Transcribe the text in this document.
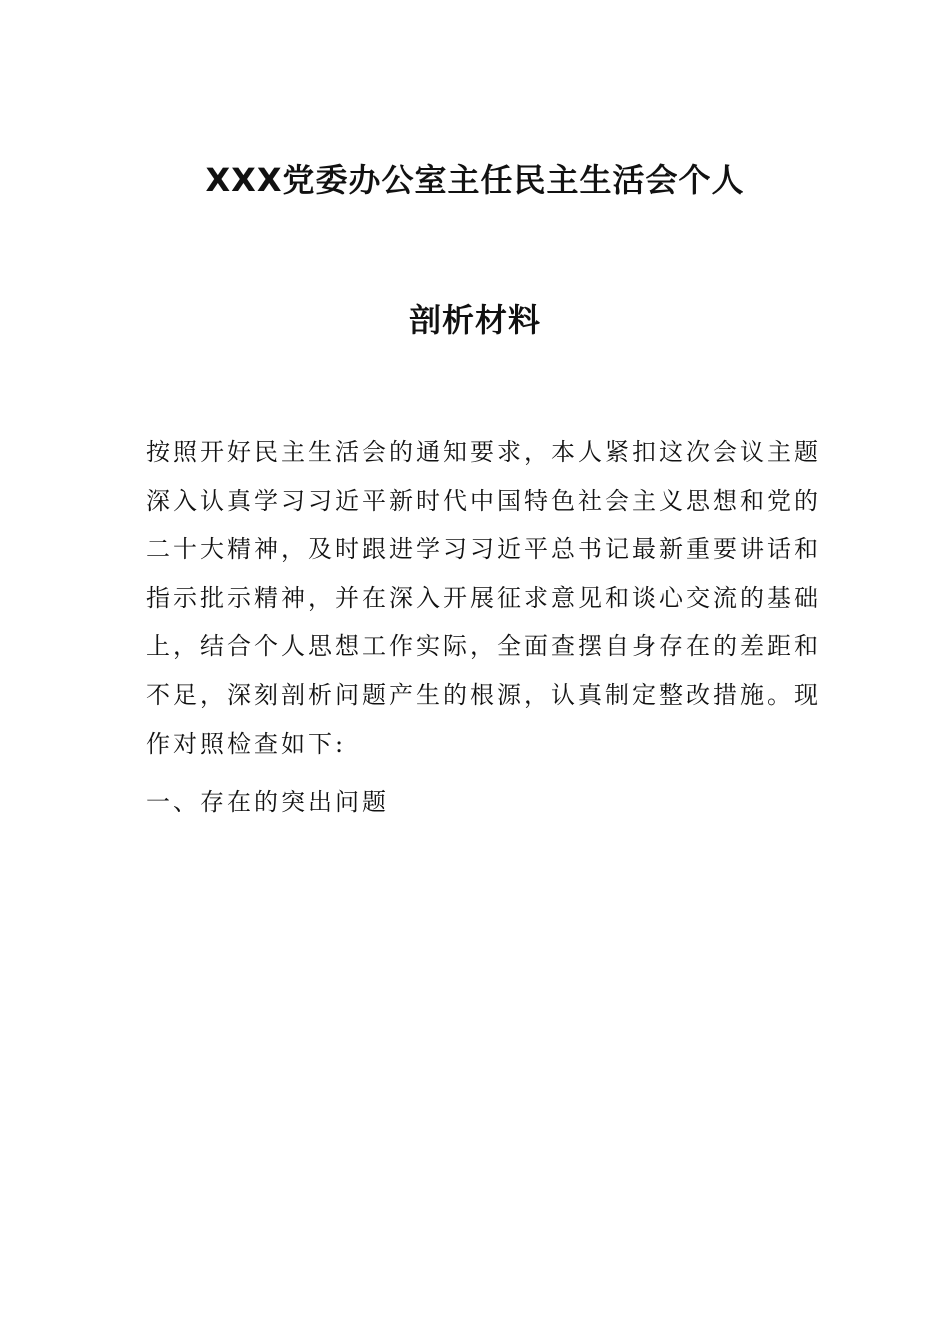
XXX党委办公室主任民主生活会个人
剖析材料
按照开好民主生活会的通知要求，本人紧扣这次会议主题
深入认真学习习近平新时代中国特色社会主义思想和党的
二十大精神，及时跟进学习习近平总书记最新重要讲话和
指示批示精神，并在深入开展征求意见和谈心交流的基础
上，结合个人思想工作实际，全面查摆自身存在的差距和
不足，深刻剖析问题产生的根源，认真制定整改措施。现
作对照检查如下:
一、存在的突出问题
